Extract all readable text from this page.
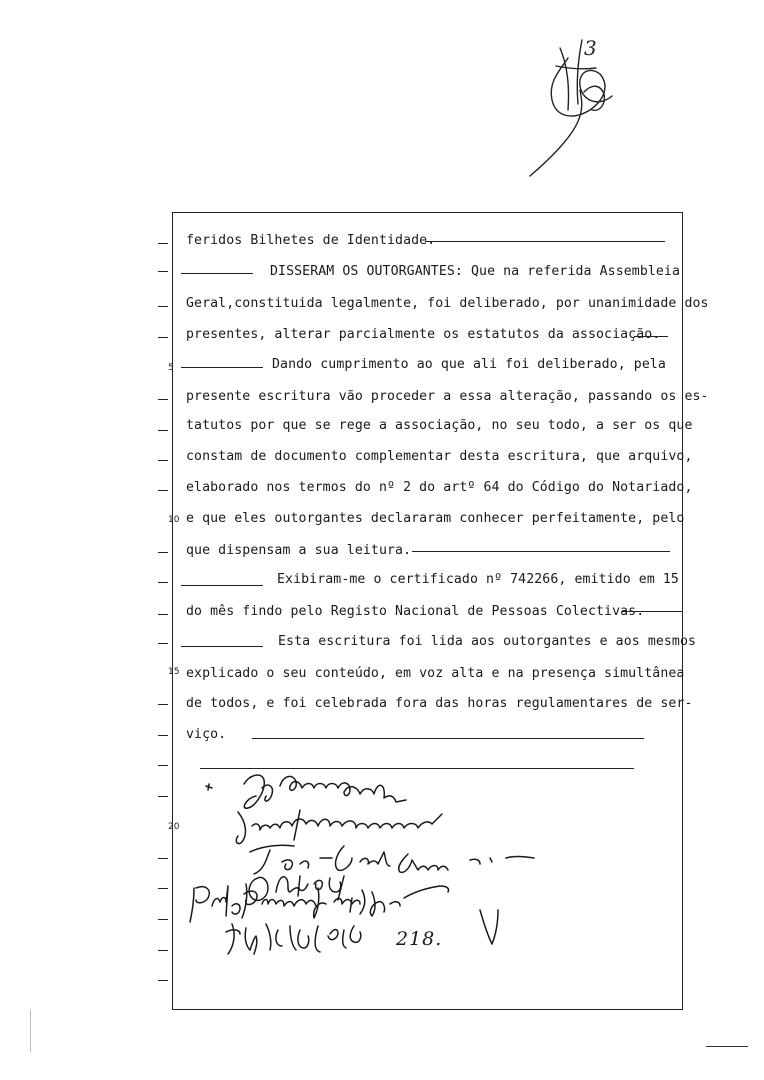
3
5
10
15
20
feridos Bilhetes de Identidade.
DISSERAM OS OUTORGANTES: Que na referida Assembleia
Geral,constituida legalmente, foi deliberado, por unanimidade dos
presentes, alterar parcialmente os estatutos da associação.
Dando cumprimento ao que ali foi deliberado, pela
presente escritura vão proceder a essa alteração, passando os es-
tatutos por que se rege a associação, no seu todo, a ser os que
constam de documento complementar desta escritura, que arquivo,
elaborado nos termos do nº 2 do artº 64 do Código do Notariado,
e que eles outorgantes declararam conhecer perfeitamente, pelo
que dispensam a sua leitura.
Exibiram-me o certificado nº 742266, emitido em 15
do mês findo pelo Registo Nacional de Pessoas Colectivas.
Esta escritura foi lida aos outorgantes e aos mesmos
explicado o seu conteúdo, em voz alta e na presença simultânea
de todos, e foi celebrada fora das horas regulamentares de ser-
viço.
218.
